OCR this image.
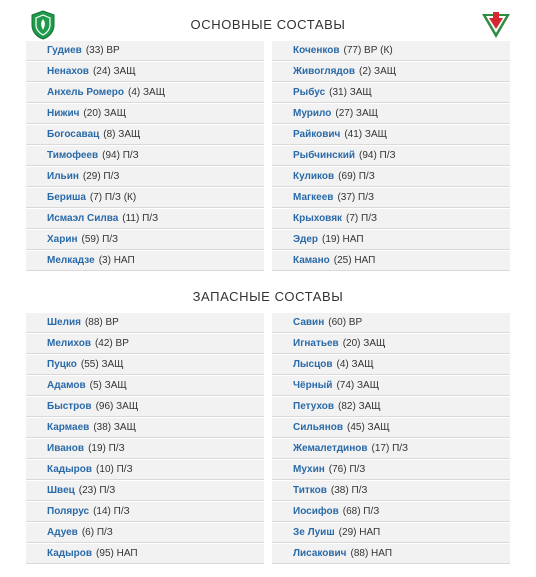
ОСНОВНЫЕ СОСТАВЫ
Гудиев (33) ВР
Ненахов (24) ЗАЩ
Анхель Ромеро (4) ЗАЩ
Нижич (20) ЗАЩ
Богосавац (8) ЗАЩ
Тимофеев (94) П/З
Ильин (29) П/З
Бериша (7) П/З (К)
Исмаэл Силва (11) П/З
Харин (59) П/З
Мелкадзе (3) НАП
Коченков (77) ВР (К)
Живоглядов (2) ЗАЩ
Рыбус (31) ЗАЩ
Мурило (27) ЗАЩ
Райкович (41) ЗАЩ
Рыбчинский (94) П/З
Куликов (69) П/З
Магкеев (37) П/З
Крыховяк (7) П/З
Эдер (19) НАП
Камано (25) НАП
ЗАПАСНЫЕ СОСТАВЫ
Шелия (88) ВР
Мелихов (42) ВР
Пуцко (55) ЗАЩ
Адамов (5) ЗАЩ
Быстров (96) ЗАЩ
Кармаев (38) ЗАЩ
Иванов (19) П/З
Кадыров (10) П/З
Швец (23) П/З
Полярус (14) П/З
Адуев (6) П/З
Кадыров (95) НАП
Савин (60) ВР
Игнатьев (20) ЗАЩ
Лысцов (4) ЗАЩ
Чёрный (74) ЗАЩ
Петухов (82) ЗАЩ
Сильянов (45) ЗАЩ
Жемалетдинов (17) П/З
Мухин (76) П/З
Титков (38) П/З
Иосифов (68) П/З
Зе Луиш (29) НАП
Лисакович (88) НАП
